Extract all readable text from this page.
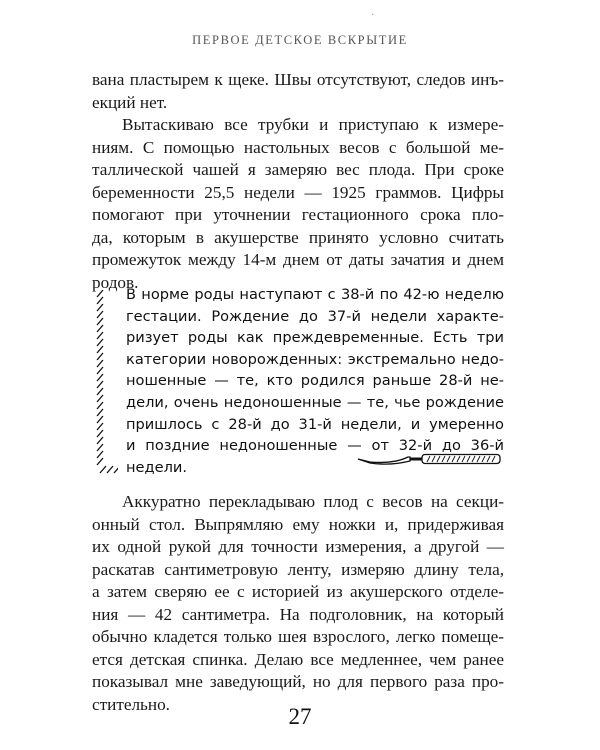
ПЕРВОЕ ДЕТСКОЕ ВСКРЫТИЕ
·
вана пластырем к щеке. Швы отсутствуют, следов инъ-
екций нет.
Вытаскиваю все трубки и приступаю к измере-
ниям. С помощью настольных весов с большой ме-
таллической чашей я замеряю вес плода. При сроке
беременности 25,5 недели — 1925 граммов. Цифры
помогают при уточнении гестационного срока пло-
да, которым в акушерстве принято условно считать
промежуток между 14-м днем от даты зачатия и днем
родов.
В норме роды наступают с 38-й по 42-ю неделю
гестации. Рождение до 37-й недели характе-
ризует роды как преждевременные. Есть три
категории новорожденных: экстремально недо-
ношенные — те, кто родился раньше 28-й не-
дели, очень недоношенные — те, чье рождение
пришлось с 28-й до 31-й недели, и умеренно
и поздние недоношенные — от 32-й до 36-й
недели.
Аккуратно перекладываю плод с весов на секци-
онный стол. Выпрямляю ему ножки и, придерживая
их одной рукой для точности измерения, а другой —
раскатав сантиметровую ленту, измеряю длину тела,
а затем сверяю ее с историей из акушерского отделе-
ния — 42 сантиметра. На подголовник, на который
обычно кладется только шея взрослого, легко помеще-
ется детская спинка. Делаю все медленнее, чем ранее
показывал мне заведующий, но для первого раза про-
стительно.	27
